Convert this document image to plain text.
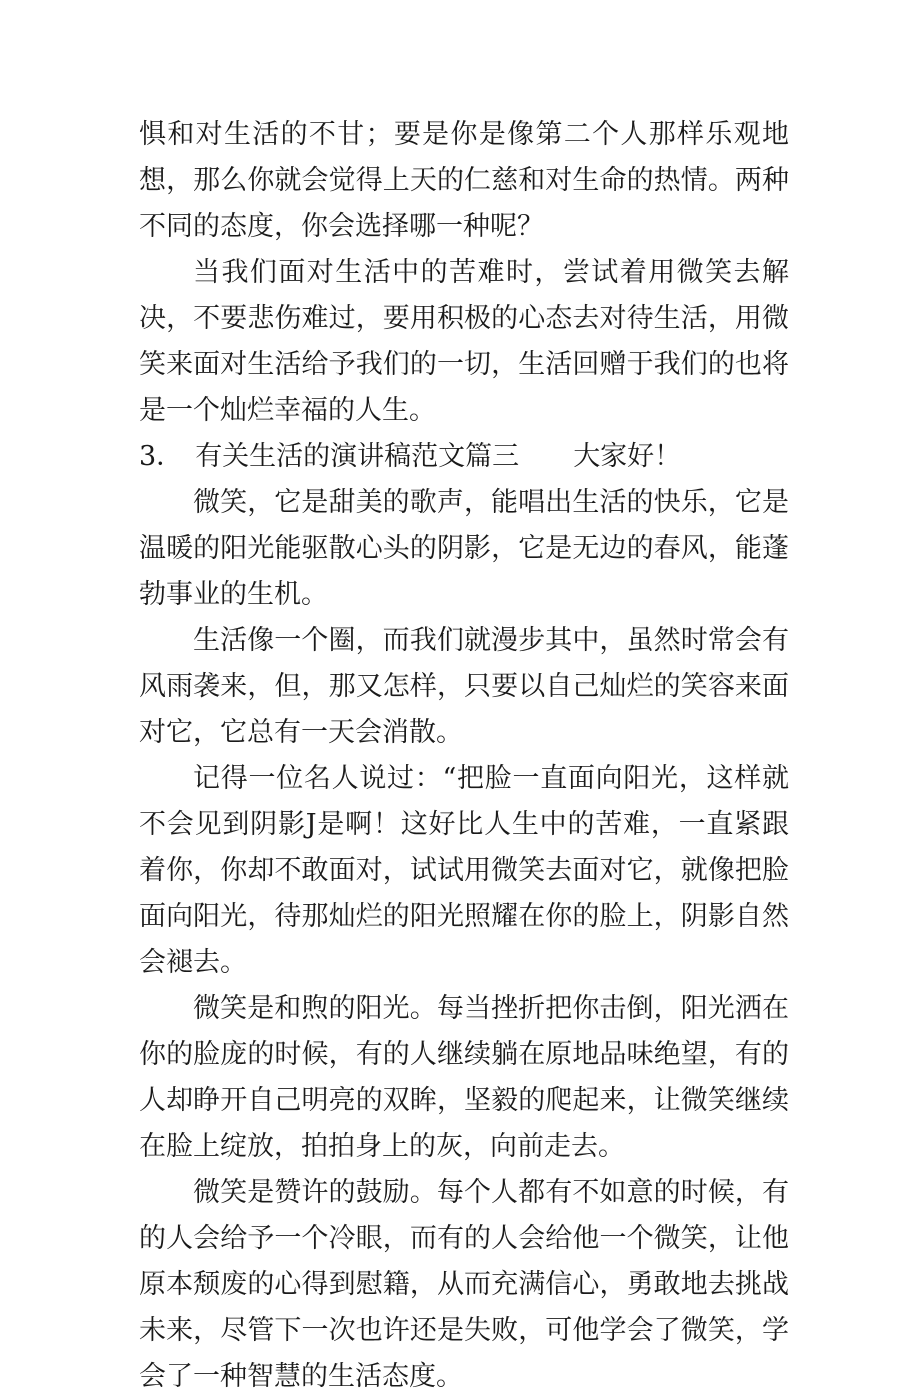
惧和对生活的不甘；要是你是像第二个人那样乐观地想，那么你就会觉得上天的仁慈和对生命的热情。两种不同的态度，你会选择哪一种呢？

当我们面对生活中的苦难时，尝试着用微笑去解决，不要悲伤难过，要用积极的心态去对待生活，用微笑来面对生活给予我们的一切，生活回赠于我们的也将是一个灿烂幸福的人生。

3． 有关生活的演讲稿范文篇三 大家好！

微笑，它是甜美的歌声，能唱出生活的快乐，它是温暖的阳光能驱散心头的阴影，它是无边的春风，能蓬勃事业的生机。

生活像一个圈，而我们就漫步其中，虽然时常会有风雨袭来，但，那又怎样，只要以自己灿烂的笑容来面对它，它总有一天会消散。

记得一位名人说过：“把脸一直面向阳光，这样就不会见到阴影J是啊！这好比人生中的苦难，一直紧跟着你，你却不敢面对，试试用微笑去面对它，就像把脸面向阳光，待那灿烂的阳光照耀在你的脸上，阴影自然会褪去。

微笑是和煦的阳光。每当挫折把你击倒，阳光洒在你的脸庞的时候，有的人继续躺在原地品味绝望，有的人却睁开自己明亮的双眸，坚毅的爬起来，让微笑继续在脸上绽放，拍拍身上的灰，向前走去。

微笑是赞许的鼓励。每个人都有不如意的时候，有的人会给予一个冷眼，而有的人会给他一个微笑，让他原本颓废的心得到慰籍，从而充满信心，勇敢地去挑战未来，尽管下一次也许还是失败，可他学会了微笑，学会了一种智慧的生活态度。
